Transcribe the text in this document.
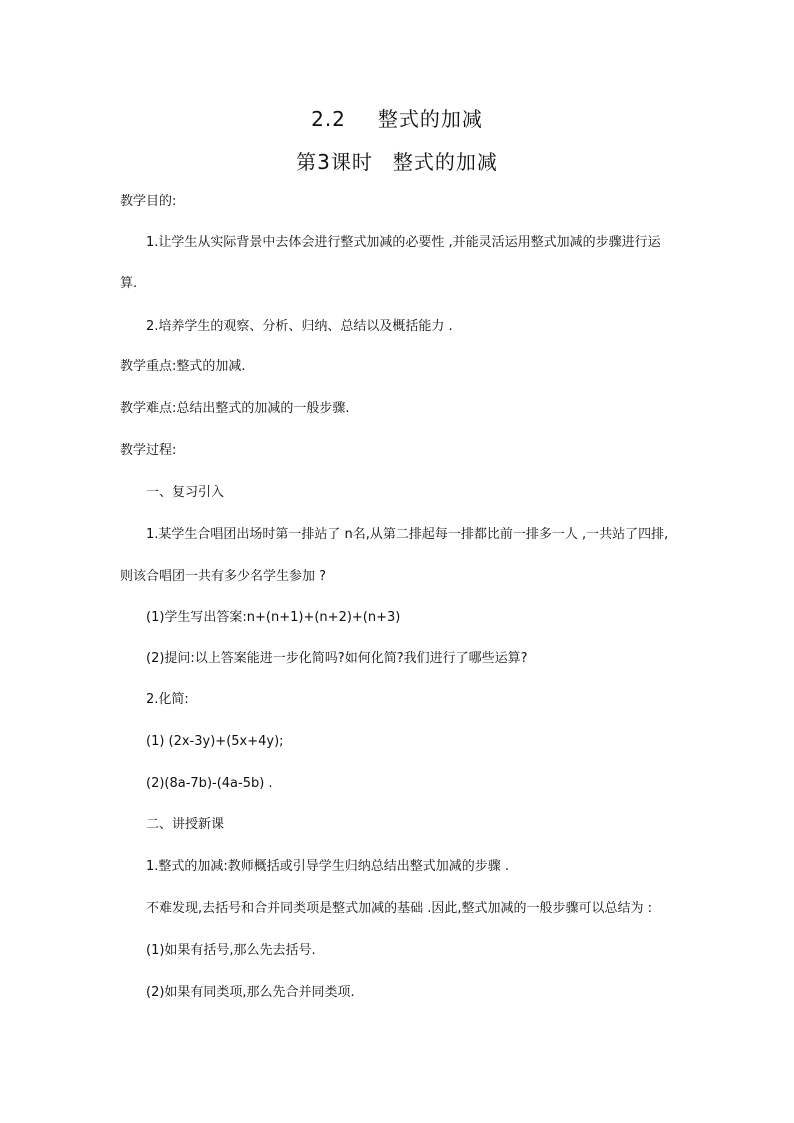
2.2 整式的加减
第3课时 整式的加减

教学目的:

1.让学生从实际背景中去体会进行整式加减的必要性 ,并能灵活运用整式加减的步骤进行运

算.

2.培养学生的观察、分析、归纳、总结以及概括能力 .

教学重点:整式的加减.

教学难点:总结出整式的加减的一般步骤.

教学过程:

一、复习引入

1.某学生合唱团出场时第一排站了 n名,从第二排起每一排都比前一排多一人 ,一共站了四排,

则该合唱团一共有多少名学生参加 ?

(1)学生写出答案:n+(n+1)+(n+2)+(n+3)

(2)提问:以上答案能进一步化简吗?如何化简?我们进行了哪些运算?

2.化简:

(1) (2x-3y)+(5x+4y);

(2)(8a-7b)-(4a-5b) .

二、讲授新课

1.整式的加减:教师概括或引导学生归纳总结出整式加减的步骤 .

不难发现,去括号和合并同类项是整式加减的基础 .因此,整式加减的一般步骤可以总结为 :

(1)如果有括号,那么先去括号.

(2)如果有同类项,那么先合并同类项.
